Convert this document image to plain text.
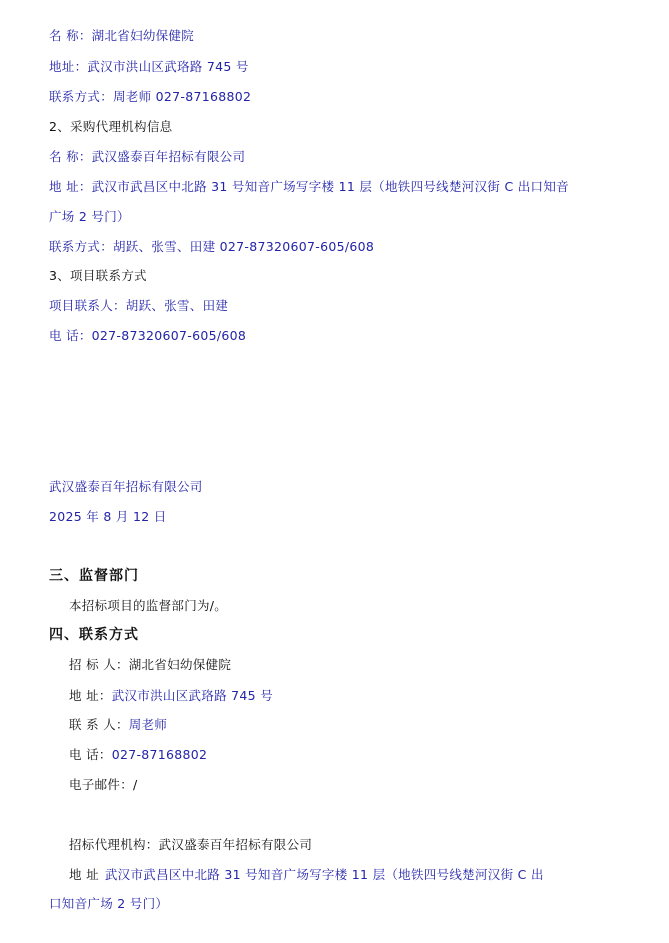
名 称：湖北省妇幼保健院
地址：武汉市洪山区武珞路 745 号
联系方式：周老师 027-87168802
2、采购代理机构信息
名 称：武汉盛泰百年招标有限公司
地 址：武汉市武昌区中北路 31 号知音广场写字楼 11 层（地铁四号线楚河汉街 C 出口知音
广场 2 号门）
联系方式：胡跃、张雪、田建 027-87320607-605/608
3、项目联系方式
项目联系人：胡跃、张雪、田建
电 话：027-87320607-605/608
武汉盛泰百年招标有限公司
2025 年 8 月 12 日
三、监督部门
本招标项目的监督部门为/。
四、联系方式
招 标 人：湖北省妇幼保健院
地 址：武汉市洪山区武珞路 745 号
联 系 人：周老师
电 话：027-87168802
电子邮件：/
招标代理机构：武汉盛泰百年招标有限公司
地 址 武汉市武昌区中北路 31 号知音广场写字楼 11 层（地铁四号线楚河汉街 C 出
口知音广场 2 号门）
